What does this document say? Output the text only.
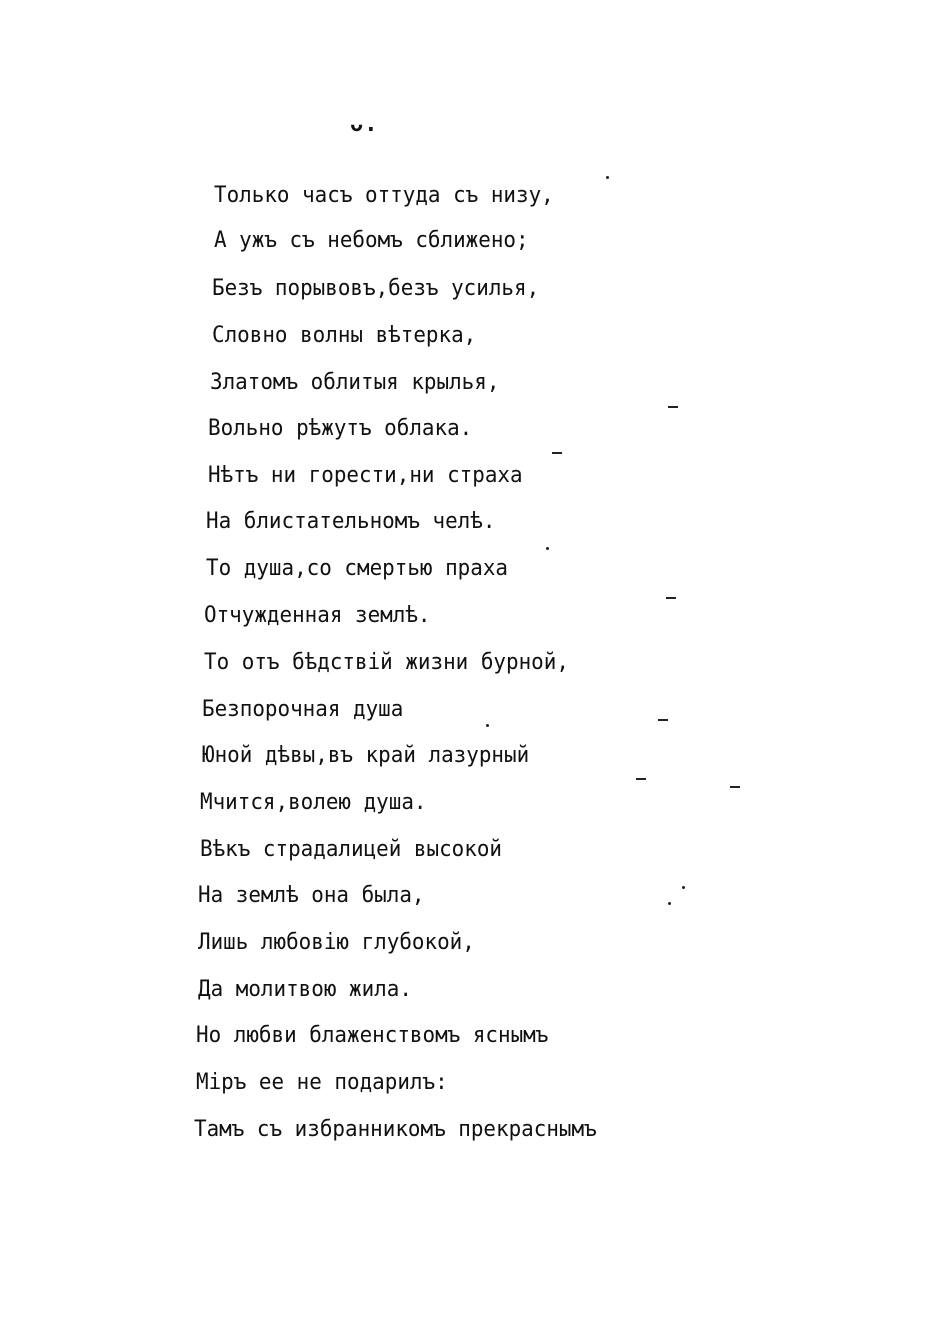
ᴗ.
Только часъ оттуда съ низу,
А ужъ съ небомъ сближено;
Безъ порывовъ,безъ усилья,
Словно волны вѣтерка,
Златомъ облитыя крылья,
Вольно рѣжутъ облака.
Нѣтъ ни горести,ни страха
На блистательномъ челѣ.
То душа,со смертью праха
Отчужденная землѣ.
То отъ бѣдствiй жизни бурной,
Безпорочная душа
Юной дѣвы,въ край лазурный
Мчится,волею душа.
Вѣкъ страдалицей высокой
На землѣ она была,
Лишь любовiю глубокой,
Да молитвою жила.
Но любви блаженствомъ яснымъ
Мiръ ее не подарилъ:
Тамъ съ избранникомъ прекраснымъ
